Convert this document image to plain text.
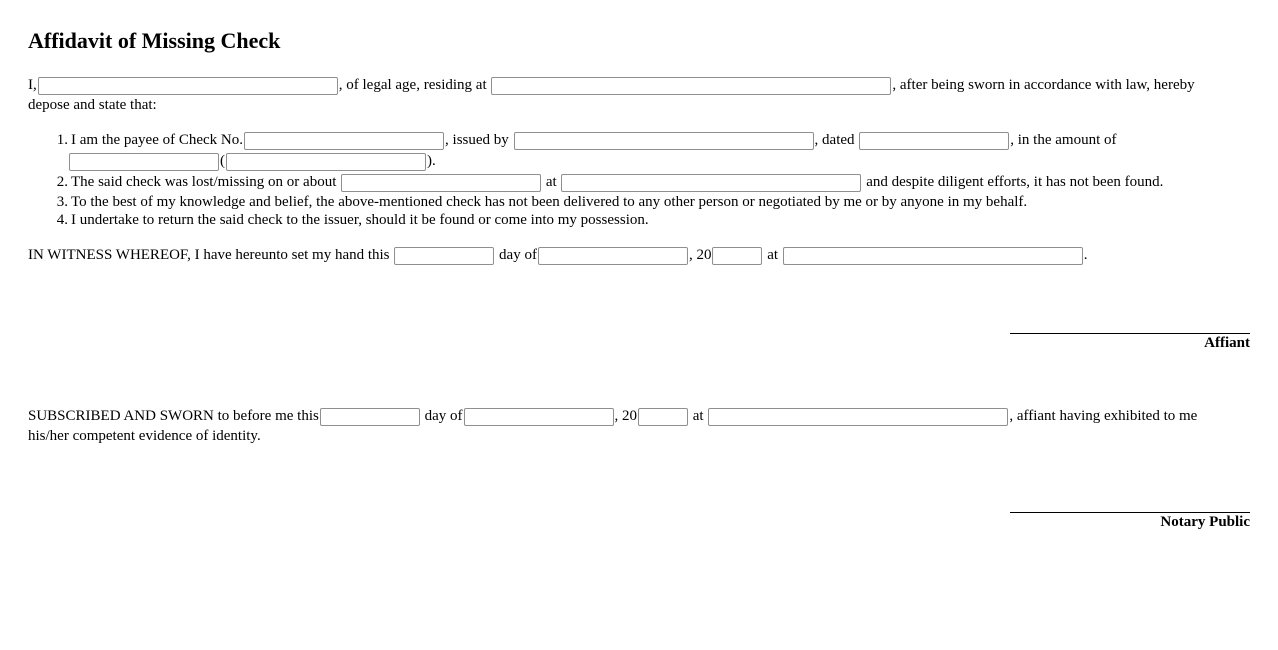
Affidavit of Missing Check
I,	, of legal age, residing at	, after being sworn in accordance with law, hereby
depose and state that:
1. I am the payee of Check No.	, issued by	, dated	, in the amount of
(	).
2. The said check was lost/missing on or about	at	and despite diligent efforts, it has not been found.
3. To the best of my knowledge and belief, the above-mentioned check has not been delivered to any other person or negotiated by me or by anyone in my behalf.
4. I undertake to return the said check to the issuer, should it be found or come into my possession.
IN WITNESS WHEREOF, I have hereunto set my hand this	day of	, 20	at	.
Affiant
SUBSCRIBED AND SWORN to before me this	day of	, 20	at	, affiant having exhibited to me
his/her competent evidence of identity.
Notary Public
